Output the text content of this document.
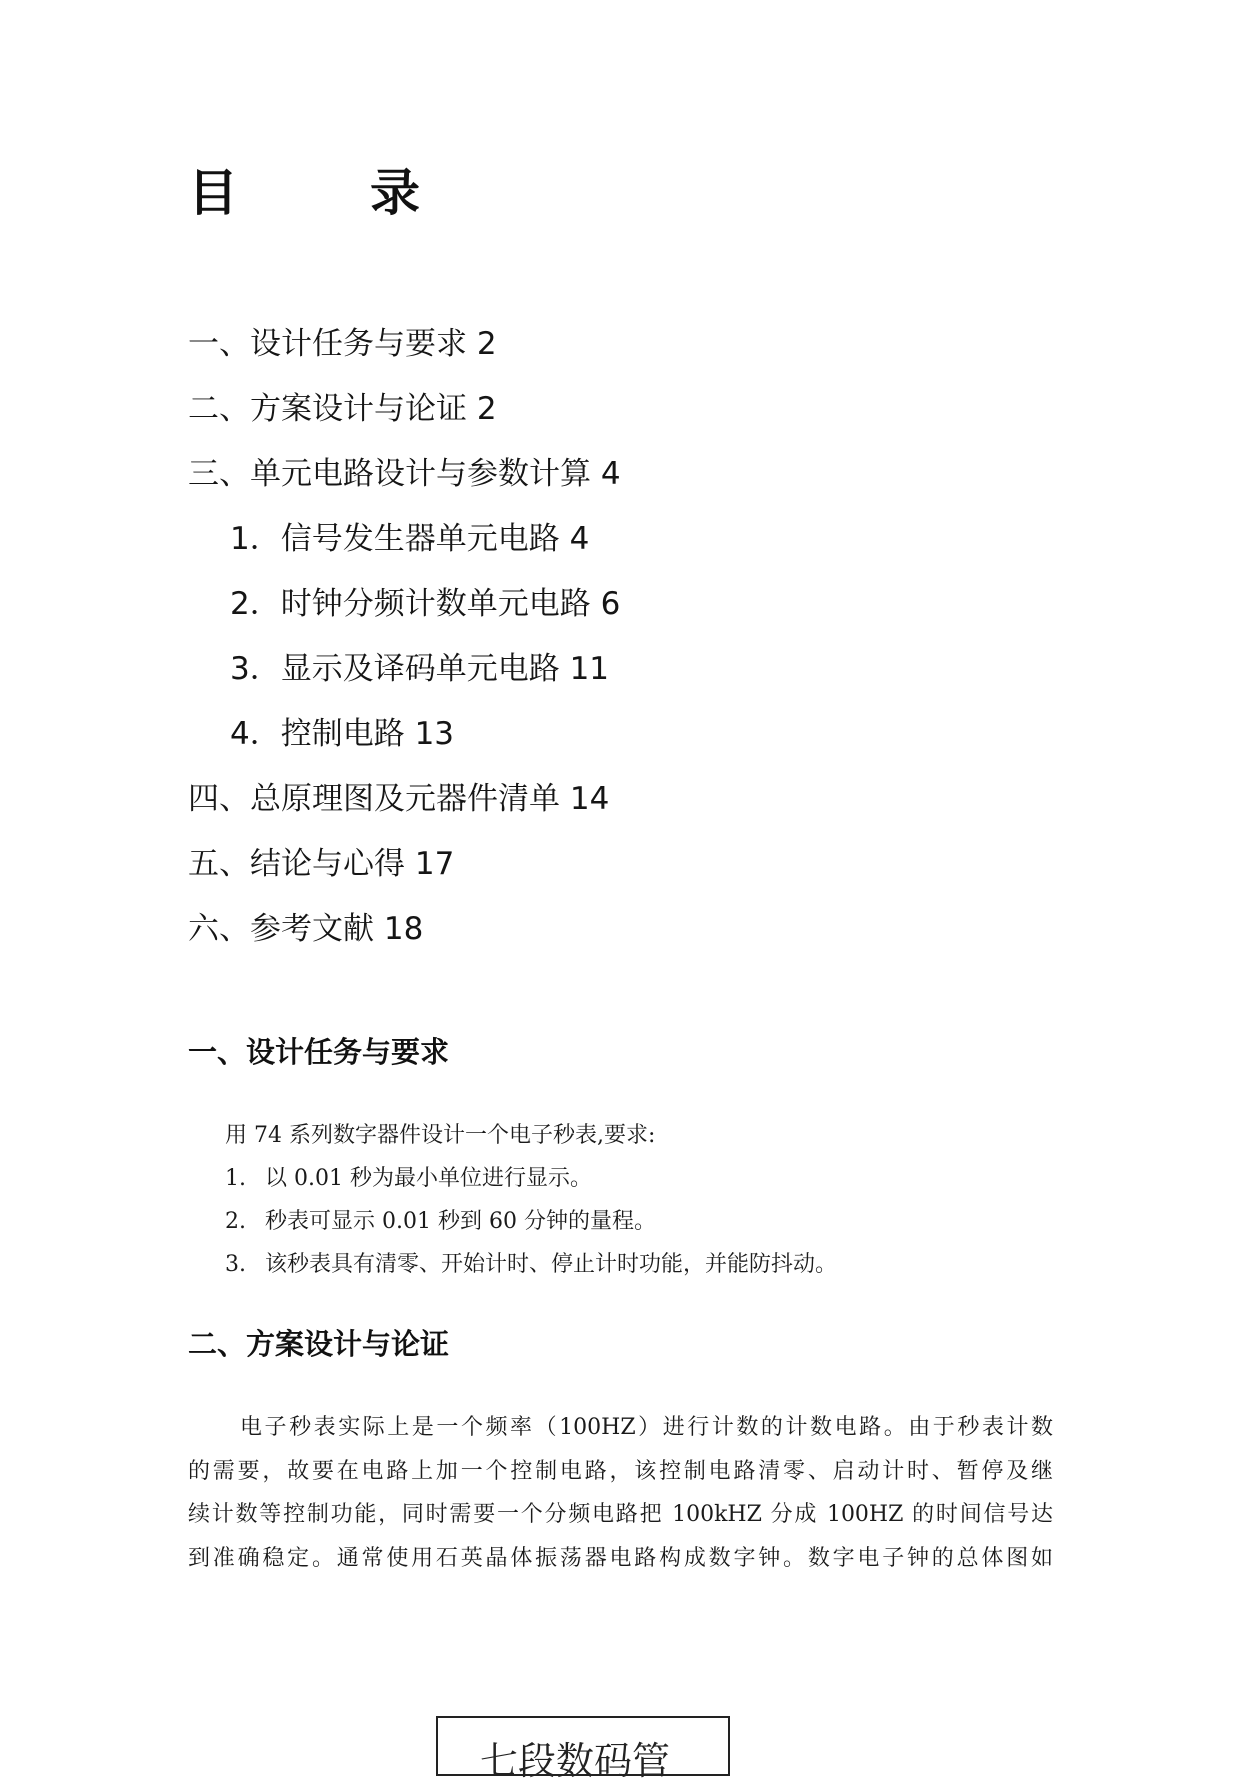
目	录
一、设计任务与要求 2
二、方案设计与论证 2
三、单元电路设计与参数计算 4
1．信号发生器单元电路 4
2．时钟分频计数单元电路 6
3．显示及译码单元电路 11
4．控制电路 13
四、总原理图及元器件清单 14
五、结论与心得 17
六、参考文献 18
一、设计任务与要求
用 74 系列数字器件设计一个电子秒表,要求:
1. 以 0.01 秒为最小单位进行显示。
2. 秒表可显示 0.01 秒到 60 分钟的量程。
3. 该秒表具有清零、开始计时、停止计时功能，并能防抖动。
二、方案设计与论证
电子秒表实际上是一个频率（100HZ）进行计数的计数电路。由于秒表计数
的需要，故要在电路上加一个控制电路，该控制电路清零、启动计时、暂停及继
续计数等控制功能，同时需要一个分频电路把 100kHZ 分成 100HZ 的时间信号达
到准确稳定。通常使用石英晶体振荡器电路构成数字钟。数字电子钟的总体图如
七段数码管
